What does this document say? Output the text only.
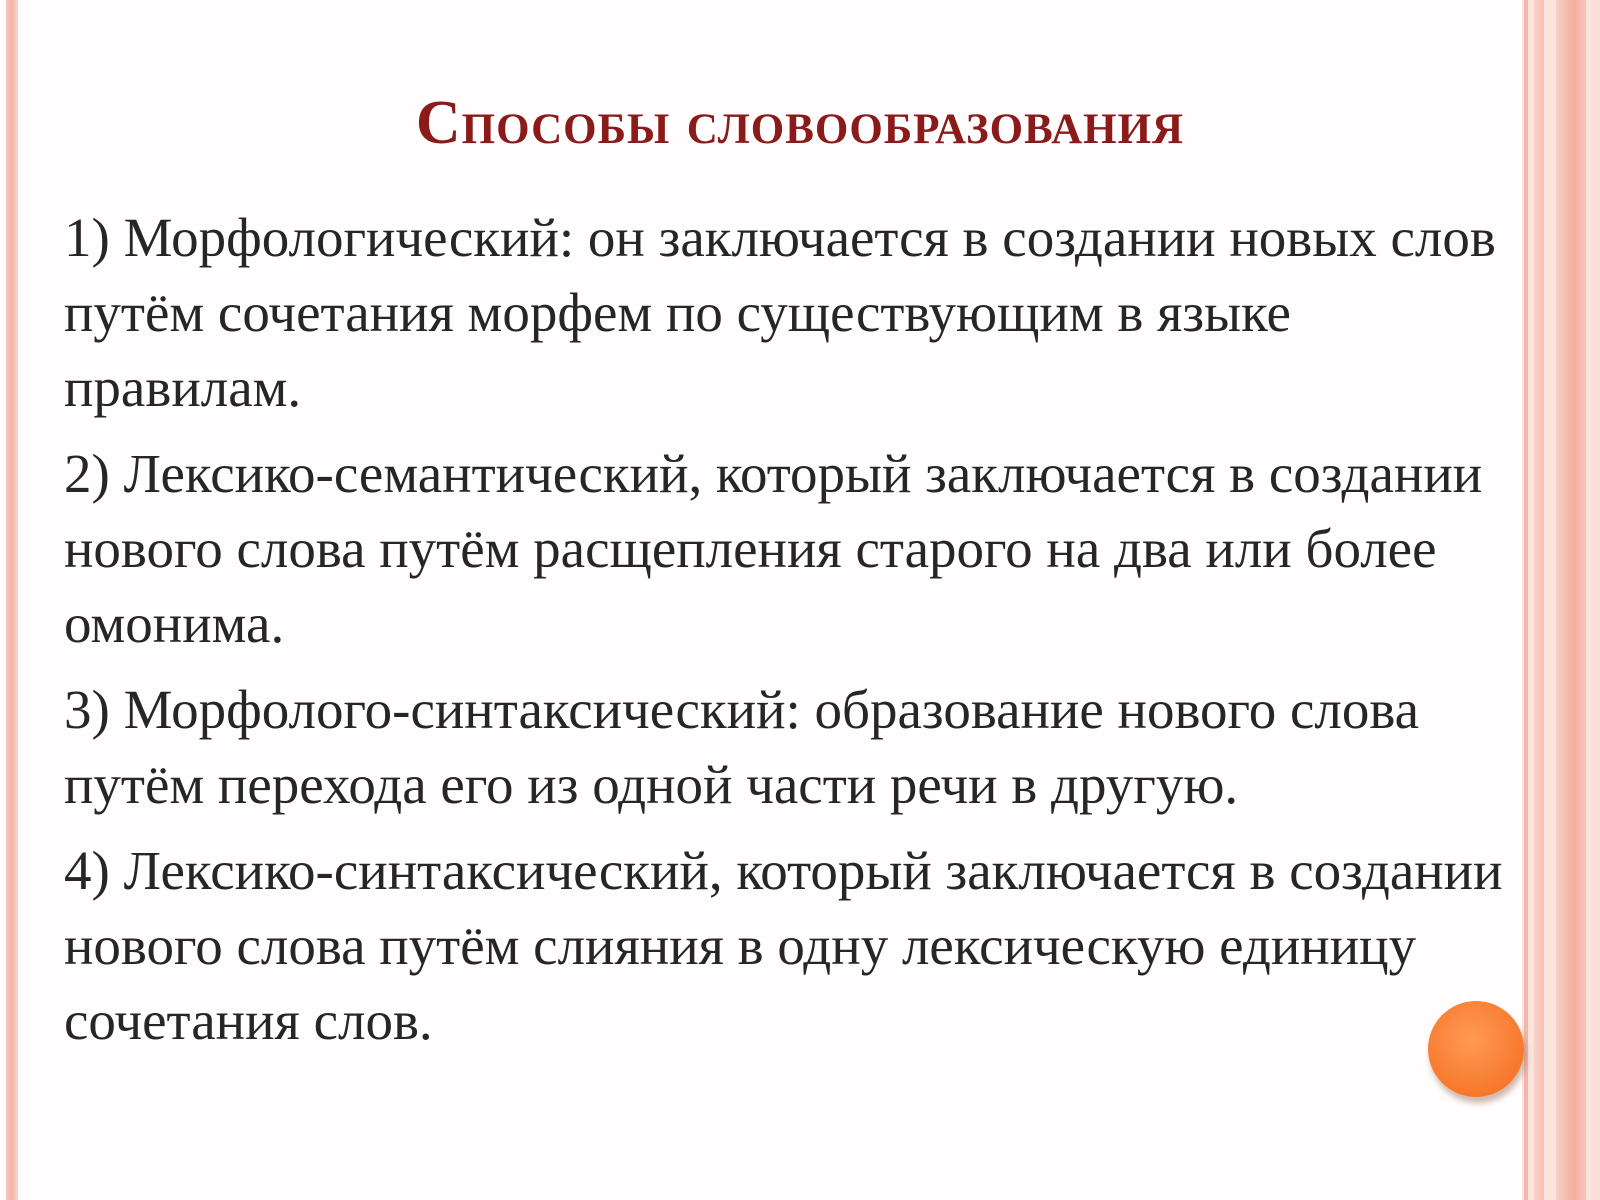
Способы словообразования

1) Морфологический: он заключается в создании новых слов путём сочетания морфем по существующим в языке правилам.

2) Лексико-семантический, который заключается в создании нового слова путём расщепления старого на два или более омонима.

3) Морфолого-синтаксический: образование нового слова путём перехода его из одной части речи в другую.

4) Лексико-синтаксический, который заключается в создании нового слова путём слияния в одну лексическую единицу сочетания слов.
